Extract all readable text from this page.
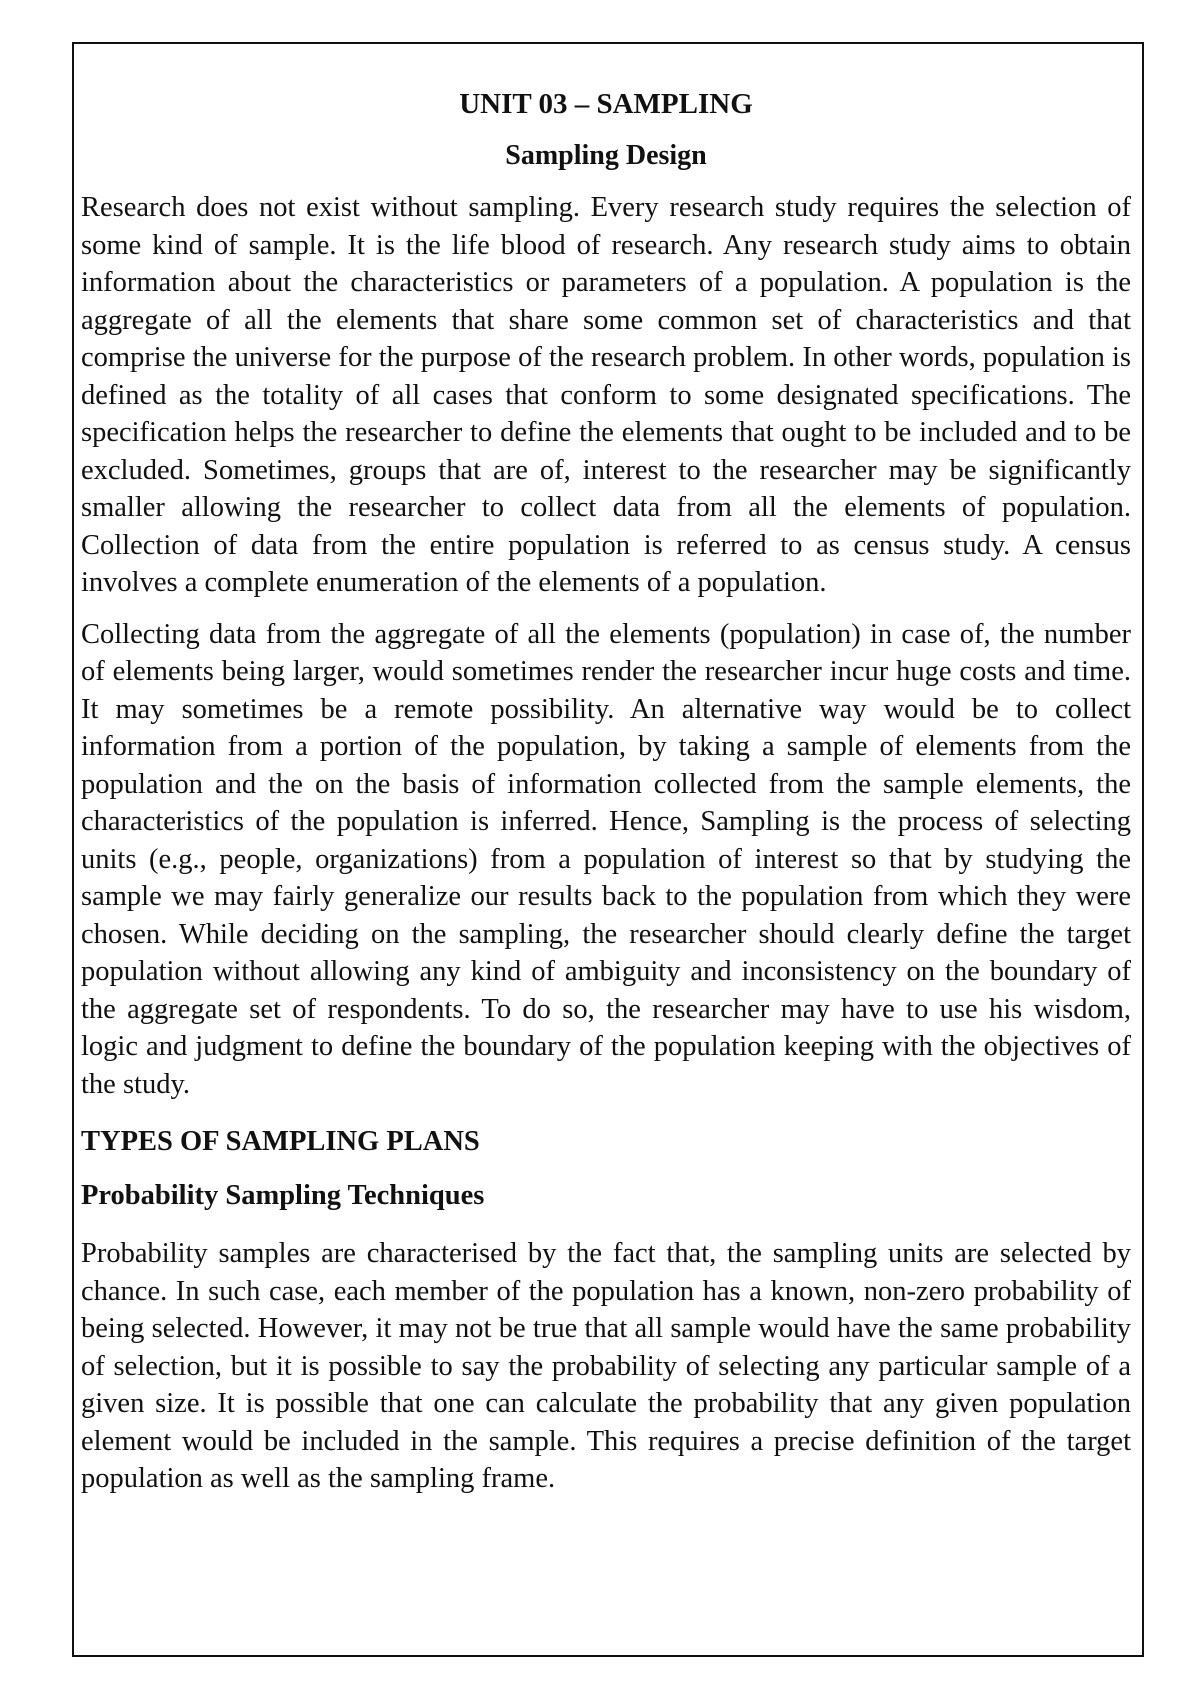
UNIT 03 – SAMPLING
Sampling Design

Research does not exist without sampling. Every research study requires the selection of some kind of sample. It is the life blood of research. Any research study aims to obtain information about the characteristics or parameters of a population. A population is the aggregate of all the elements that share some common set of characteristics and that comprise the universe for the purpose of the research problem. In other words, population is defined as the totality of all cases that conform to some designated specifications. The specification helps the researcher to define the elements that ought to be included and to be excluded. Sometimes, groups that are of, interest to the researcher may be significantly smaller allowing the researcher to collect data from all the elements of population. Collection of data from the entire population is referred to as census study. A census involves a complete enumeration of the elements of a population.

Collecting data from the aggregate of all the elements (population) in case of, the number of elements being larger, would sometimes render the researcher incur huge costs and time. It may sometimes be a remote possibility. An alternative way would be to collect information from a portion of the population, by taking a sample of elements from the population and the on the basis of information collected from the sample elements, the characteristics of the population is inferred. Hence, Sampling is the process of selecting units (e.g., people, organizations) from a population of interest so that by studying the sample we may fairly generalize our results back to the population from which they were chosen. While deciding on the sampling, the researcher should clearly define the target population without allowing any kind of ambiguity and inconsistency on the boundary of the aggregate set of respondents. To do so, the researcher may have to use his wisdom, logic and judgment to define the boundary of the population keeping with the objectives of the study.

TYPES OF SAMPLING PLANS
Probability Sampling Techniques

Probability samples are characterised by the fact that, the sampling units are selected by chance. In such case, each member of the population has a known, non-zero probability of being selected. However, it may not be true that all sample would have the same probability of selection, but it is possible to say the probability of selecting any particular sample of a given size. It is possible that one can calculate the probability that any given population element would be included in the sample. This requires a precise definition of the target population as well as the sampling frame.
